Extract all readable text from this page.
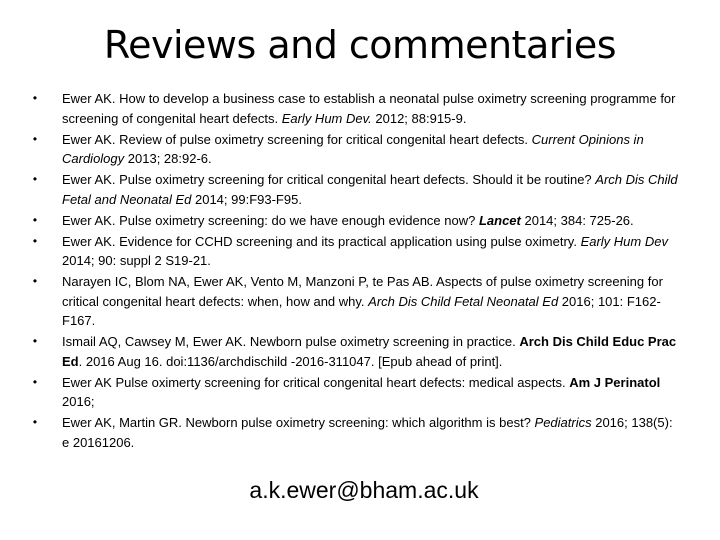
Reviews and commentaries
• Ewer AK. How to develop a business case to establish a neonatal pulse oximetry screening programme for screening of congenital heart defects. Early Hum Dev. 2012; 88:915-9.
• Ewer AK. Review of pulse oximetry screening for critical congenital heart defects. Current Opinions in Cardiology 2013; 28:92-6.
• Ewer AK. Pulse oximetry screening for critical congenital heart defects. Should it be routine? Arch Dis Child Fetal and Neonatal Ed 2014; 99:F93-F95.
• Ewer AK. Pulse oximetry screening: do we have enough evidence now? Lancet 2014; 384: 725-26.
• Ewer AK. Evidence for CCHD screening and its practical application using pulse oximetry. Early Hum Dev 2014; 90: suppl 2 S19-21.
• Narayen IC, Blom NA, Ewer AK, Vento M, Manzoni P, te Pas AB. Aspects of pulse oximetry screening for critical congenital heart defects: when, how and why. Arch Dis Child Fetal Neonatal Ed 2016; 101: F162-F167.
• Ismail AQ, Cawsey M, Ewer AK. Newborn pulse oximetry screening in practice. Arch Dis Child Educ Prac Ed. 2016 Aug 16. doi:1136/archdischild -2016-311047. [Epub ahead of print].
• Ewer AK Pulse oximerty screening for critical congenital heart defects: medical aspects. Am J Perinatol 2016;
• Ewer AK, Martin GR. Newborn pulse oximetry screening: which algorithm is best? Pediatrics 2016; 138(5): e 20161206.
a.k.ewer@bham.ac.uk
